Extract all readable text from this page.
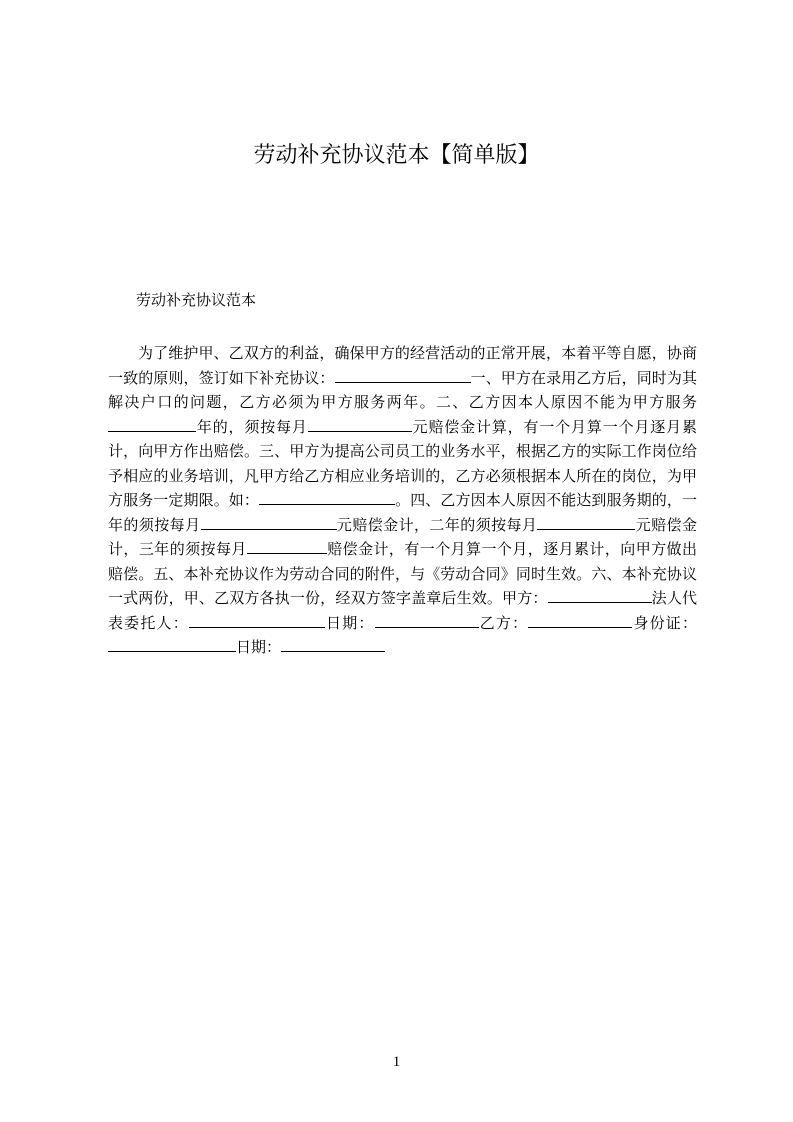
劳动补充协议范本【简单版】
劳动补充协议范本

为了维护甲、乙双方的利益，确保甲方的经营活动的正常开展，本着平等自愿，协商一致的原则，签订如下补充协议：	一、甲方在录用乙方后，同时为其解决户口的问题，乙方必须为甲方服务两年。二、乙方因本人原因不能为甲方服务年的，须按每月	元赔偿金计算，有一个月算一个月逐月累计，向甲方作出赔偿。三、甲方为提高公司员工的业务水平，根据乙方的实际工作岗位给予相应的业务培训，凡甲方给乙方相应业务培训的，乙方必须根据本人所在的岗位，为甲方服务一定期限。如：	。四、乙方因本人原因不能达到服务期的，一年的须按每月	元赔偿金计，二年的须按每月	元赔偿金计，三年的须按每月	赔偿金计，有一个月算一个月，逐月累计，向甲方做出赔偿。五、本补充协议作为劳动合同的附件，与《劳动合同》同时生效。六、本补充协议一式两份，甲、乙双方各执一份，经双方签字盖章后生效。甲方：	法人代表委托人：	日期：	乙方：	身份证：日期：

1
